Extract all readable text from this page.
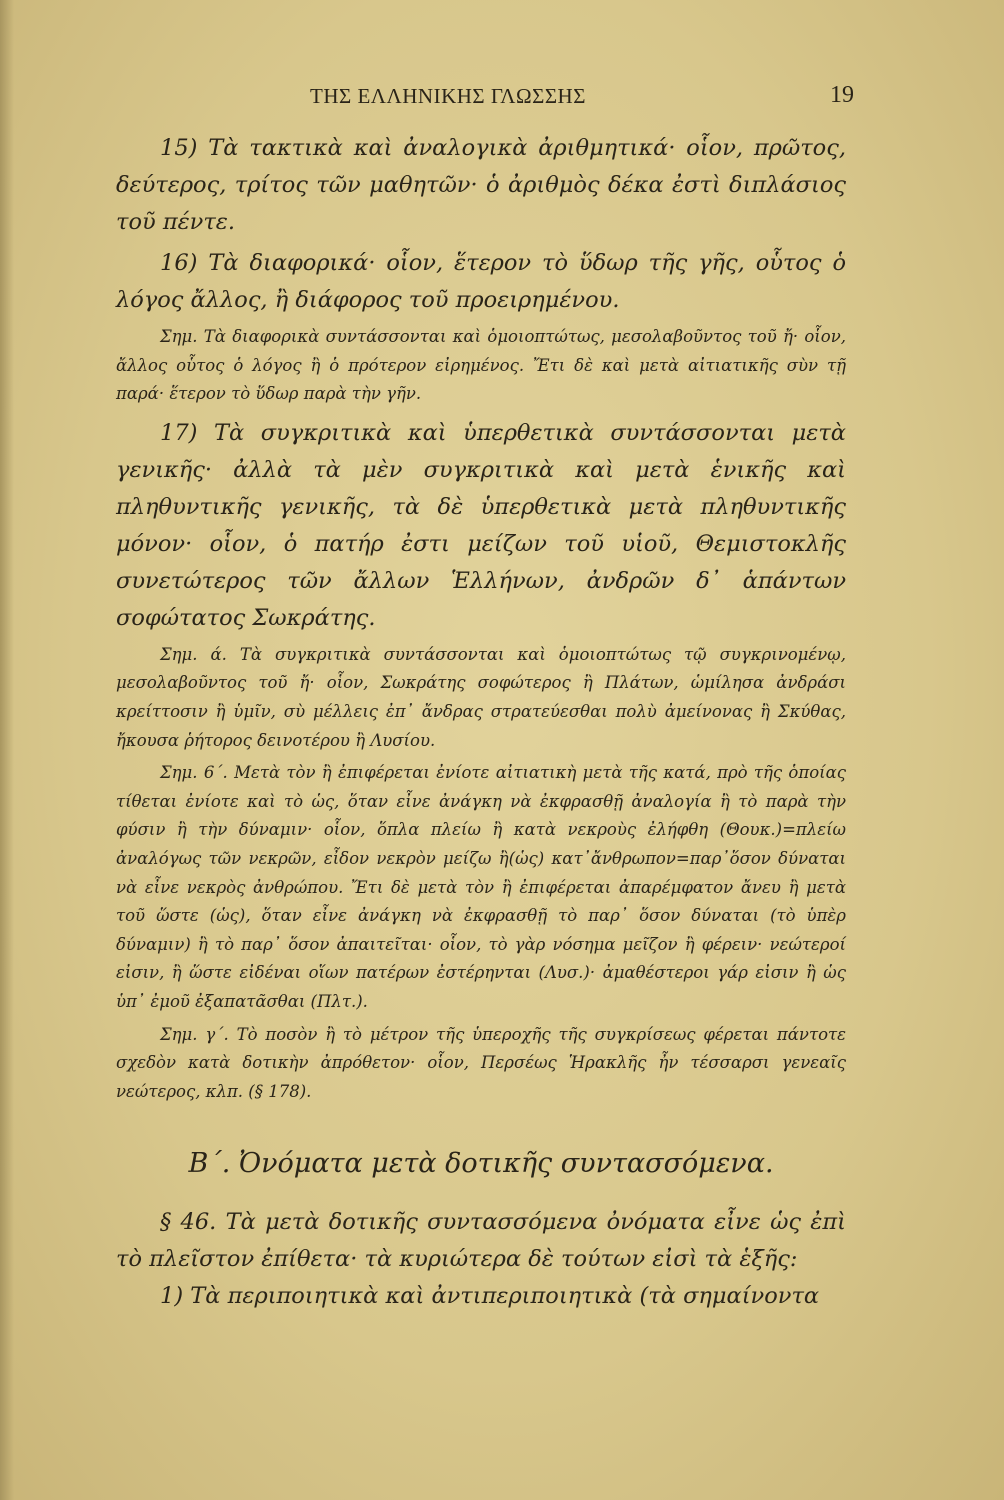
ΤΗΣ ΕΛΛΗΝΙΚΗΣ ΓΛΩΣΣΗΣ	19

15) Τὰ τακτικὰ καὶ ἀναλογικὰ ἀριθμητικά· οἷον, πρῶτος, δεύτερος, τρίτος τῶν μαθητῶν· ὁ ἀριθμὸς δέκα ἐστὶ διπλάσιος τοῦ πέντε.

16) Τὰ διαφορικά· οἷον, ἕτερον τὸ ὕδωρ τῆς γῆς, οὗτος ὁ λόγος ἄλλος, ἢ διάφορος τοῦ προειρημένου.

Σημ. Τὰ διαφορικὰ συντάσσονται καὶ ὁμοιοπτώτως, μεσολαβοῦντος τοῦ ἤ· οἷον, ἄλλος οὗτος ὁ λόγος ἢ ὁ πρότερον εἰρημένος. Ἔτι δὲ καὶ μετὰ αἰτιατικῆς σὺν τῇ παρά· ἕτερον τὸ ὕδωρ παρὰ τὴν γῆν.

17) Τὰ συγκριτικὰ καὶ ὑπερθετικὰ συντάσσονται μετὰ γενικῆς· ἀλλὰ τὰ μὲν συγκριτικὰ καὶ μετὰ ἑνικῆς καὶ πληθυντικῆς γενικῆς, τὰ δὲ ὑπερθετικὰ μετὰ πληθυντικῆς μόνον· οἷον, ὁ πατήρ ἐστι μείζων τοῦ υἱοῦ, Θεμιστοκλῆς συνετώτερος τῶν ἄλλων Ἑλλήνων, ἀνδρῶν δ᾽ ἁπάντων σοφώτατος Σωκράτης.

Σημ. ά. Τὰ συγκριτικὰ συντάσσονται καὶ ὁμοιοπτώτως τῷ συγκρινομένῳ, μεσολαβοῦντος τοῦ ἤ· οἷον, Σωκράτης σοφώτερος ἢ Πλάτων, ὡμίλησα ἀνδράσι κρείττοσιν ἢ ὑμῖν, σὺ μέλλεις ἐπ᾽ ἄνδρας στρατεύεσθαι πολὺ ἀμείνονας ἢ Σκύθας, ἤκουσα ῥήτορος δεινοτέρου ἢ Λυσίου.

Σημ. 6΄. Μετὰ τὸν ἢ ἐπιφέρεται ἐνίοτε αἰτιατικὴ μετὰ τῆς κατά, πρὸ τῆς ὁποίας τίθεται ἐνίοτε καὶ τὸ ὡς, ὅταν εἶνε ἀνάγκη νὰ ἐκφρασθῇ ἀναλογία ἢ τὸ παρὰ τὴν φύσιν ἢ τὴν δύναμιν· οἷον, ὅπλα πλείω ἢ κατὰ νεκροὺς ἐλήφθη (Θουκ.)=πλείω ἀναλόγως τῶν νεκρῶν, εἶδον νεκρὸν μείζω ἢ(ὡς) κατ᾽ἄνθρωπον=παρ᾽ὅσον δύναται νὰ εἶνε νεκρὸς ἀνθρώπου. Ἔτι δὲ μετὰ τὸν ἢ ἐπιφέρεται ἀπαρέμφατον ἄνευ ἢ μετὰ τοῦ ὥστε (ὡς), ὅταν εἶνε ἀνάγκη νὰ ἐκφρασθῇ τὸ παρ᾽ ὅσον δύναται (τὸ ὑπὲρ δύναμιν) ἢ τὸ παρ᾽ ὅσον ἀπαιτεῖται· οἷον, τὸ γὰρ νόσημα μεῖζον ἢ φέρειν· νεώτεροί εἰσιν, ἢ ὥστε εἰδέναι οἵων πατέρων ἐστέρηνται (Λυσ.)· ἀμαθέστεροι γάρ εἰσιν ἢ ὡς ὑπ᾽ ἐμοῦ ἐξαπατᾶσθαι (Πλτ.).

Σημ. γ΄. Τὸ ποσὸν ἢ τὸ μέτρον τῆς ὑπεροχῆς τῆς συγκρίσεως φέρεται πάντοτε σχεδὸν κατὰ δοτικὴν ἀπρόθετον· οἷον, Περσέως Ἡρακλῆς ἦν τέσσαρσι γενεαῖς νεώτερος, κλπ. (§ 178).

Β΄. Ὀνόματα μετὰ δοτικῆς συντασσόμενα.

§ 46. Τὰ μετὰ δοτικῆς συντασσόμενα ὀνόματα εἶνε ὡς ἐπὶ τὸ πλεῖστον ἐπίθετα· τὰ κυριώτερα δὲ τούτων εἰσὶ τὰ ἑξῆς:

1) Τὰ περιποιητικὰ καὶ ἀντιπεριποιητικὰ (τὰ σημαίνοντα
